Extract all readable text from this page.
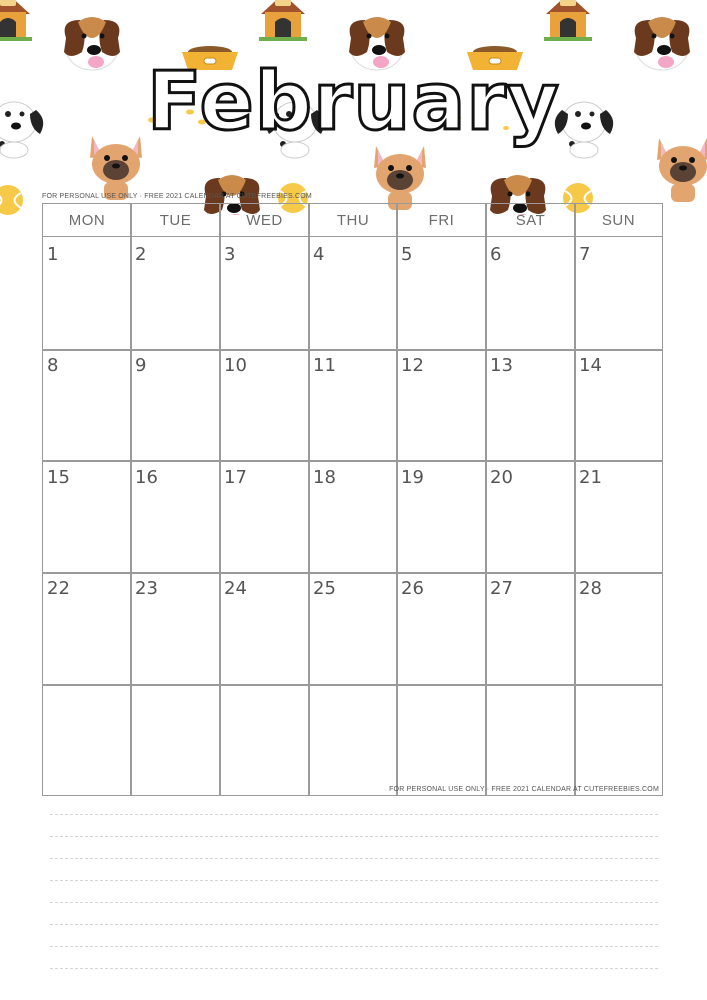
February
FOR PERSONAL USE ONLY · FREE 2021 CALENDAR AT CUTEFREEBIES.COM
MON	TUE	WED	THU	FRI	SAT	SUN
1	2	3	4	5	6	7
8	9	10	11	12	13	14
15	16	17	18	19	20	21
22	23	24	25	26	27	28
FOR PERSONAL USE ONLY · FREE 2021 CALENDAR AT CUTEFREEBIES.COM
